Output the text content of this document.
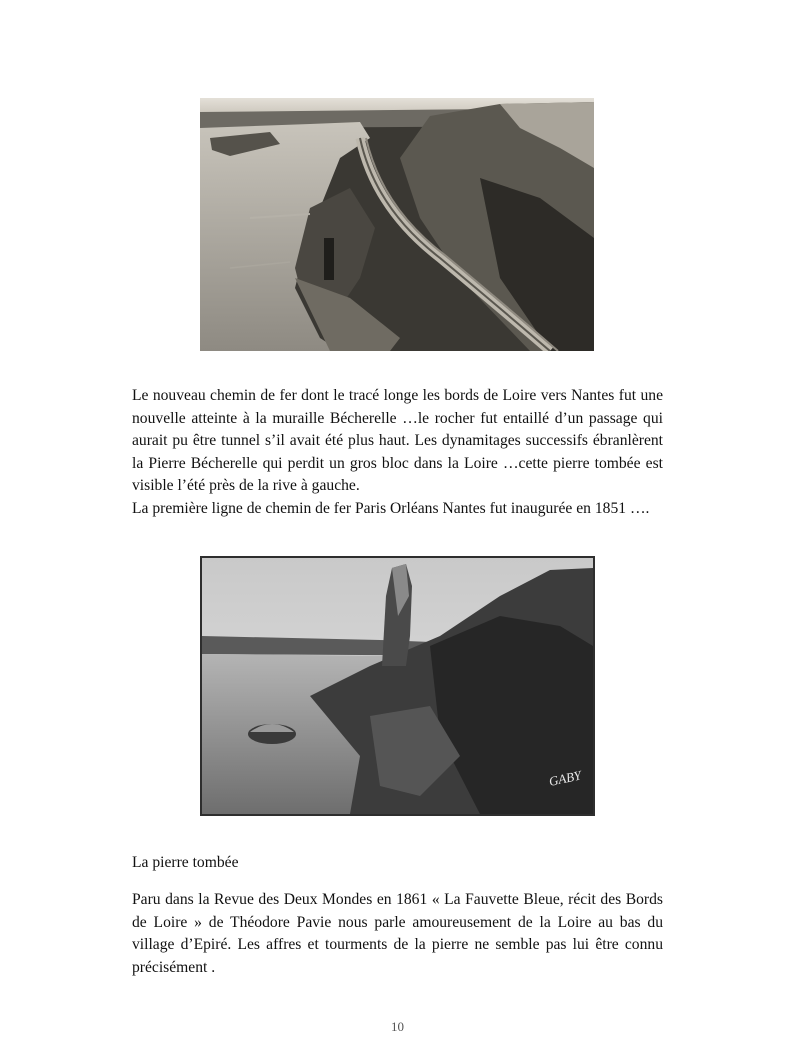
Le nouveau chemin de fer dont le tracé longe les bords de Loire vers Nantes fut une nouvelle atteinte à la muraille Bécherelle …le rocher fut entaillé d’un passage qui aurait pu être tunnel s’il avait été plus haut. Les dynamitages successifs ébranlèrent la Pierre Bécherelle qui perdit un gros bloc dans la Loire …cette pierre tombée est visible l’été près de la rive à gauche.

La première ligne de chemin de fer Paris Orléans Nantes fut inaugurée en 1851 ….

GABY

La pierre tombée

Paru dans la Revue des Deux Mondes en 1861 « La Fauvette Bleue, récit des Bords de Loire » de Théodore Pavie nous parle amoureusement de la Loire au bas du village d’Epiré. Les affres et tourments de la pierre ne semble pas lui être connu précisément .

10
